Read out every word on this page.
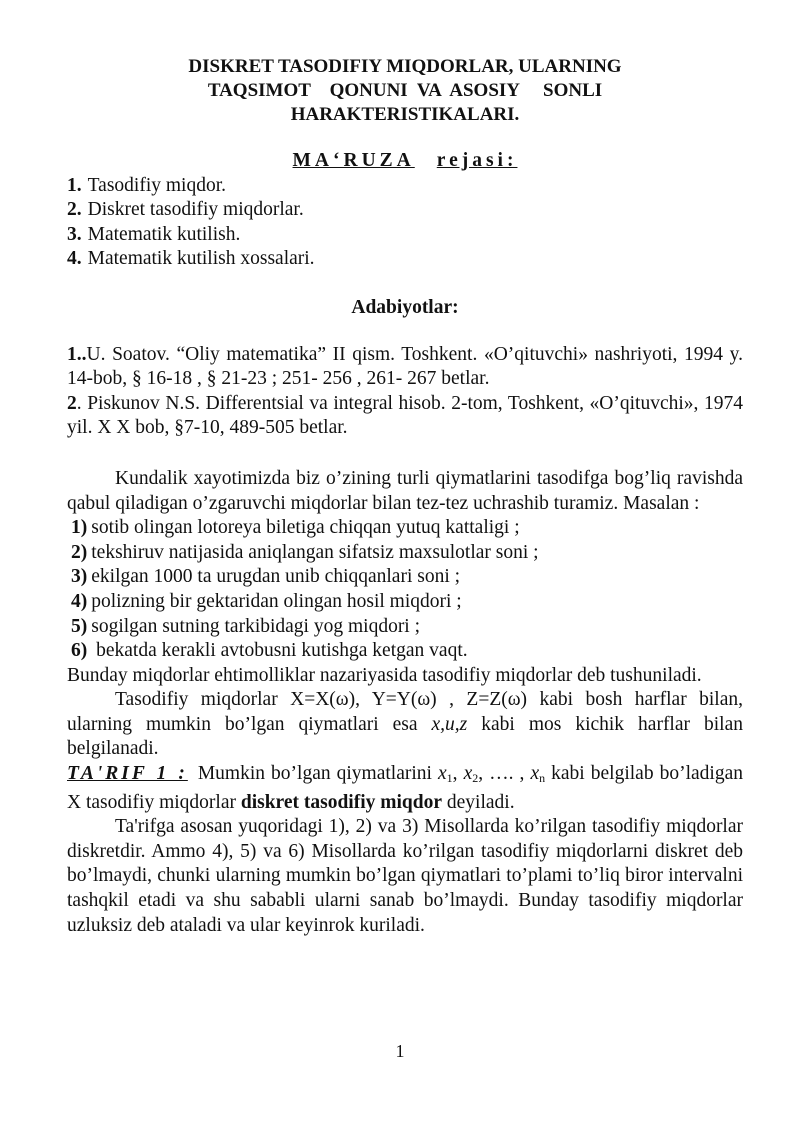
DISKRET TASODIFIY MIQDORLAR, ULARNING
TAQSIMOT    QONUNI  VA  ASOSIY     SONLI
HARAKTERISTIKALARI.
MA‘RUZA rejasi:
1. Tasodifiy miqdor.
2. Diskret tasodifiy miqdorlar.
3. Matematik kutilish.
4. Matematik kutilish xossalari.
Adabiyotlar:

1..U. Soatov. “Oliy matematika” II qism. Toshkent. «O’qituvchi» nashriyoti, 1994 y. 14-bob, § 16-18 , § 21-23 ; 251- 256 , 261- 267 betlar.

2. Piskunov N.S. Differentsial va integral hisob. 2-tom, Toshkent, «O’qituvchi», 1974 yil. X X bob, §7-10, 489-505 betlar.

Kundalik xayotimizda biz o’zining turli qiymatlarini tasodifga bog’liq ravishda qabul qiladigan o’zgaruvchi miqdorlar bilan tez-tez uchrashib turamiz. Masalan :

1) sotib olingan lotoreya biletiga chiqqan yutuq kattaligi ;
2) tekshiruv natijasida aniqlangan sifatsiz maxsulotlar soni ;
3) ekilgan 1000 ta urugdan unib chiqqanlari soni ;
4) polizning bir gektaridan olingan hosil miqdori ;
5) sogilgan sutning tarkibidagi yog miqdori ;
6) bekatda kerakli avtobusni kutishga ketgan vaqt.

Bunday miqdorlar ehtimolliklar nazariyasida tasodifiy miqdorlar deb tushuniladi.

Tasodifiy miqdorlar X=X(ω), Y=Y(ω) , Z=Z(ω) kabi bosh harflar bilan, ularning mumkin bo’lgan qiymatlari esa x,u,z kabi mos kichik harflar bilan belgilanadi.

TA'RIF 1 : Mumkin bo’lgan qiymatlarini $x_1$, $x_2$, …. , $x_n$ kabi belgilab bo’ladigan X tasodifiy miqdorlar diskret tasodifiy miqdor deyiladi.

Ta'rifga asosan yuqoridagi 1), 2) va 3) Misollarda ko’rilgan tasodifiy miqdorlar diskretdir. Ammo 4), 5) va 6) Misollarda ko’rilgan tasodifiy miqdorlarni diskret deb bo’lmaydi, chunki ularning mumkin bo’lgan qiymatlari to’plami to’liq biror intervalni tashqkil etadi va shu sababli ularni sanab bo’lmaydi. Bunday tasodifiy miqdorlar uzluksiz deb ataladi va ular keyinrok kuriladi.

1
